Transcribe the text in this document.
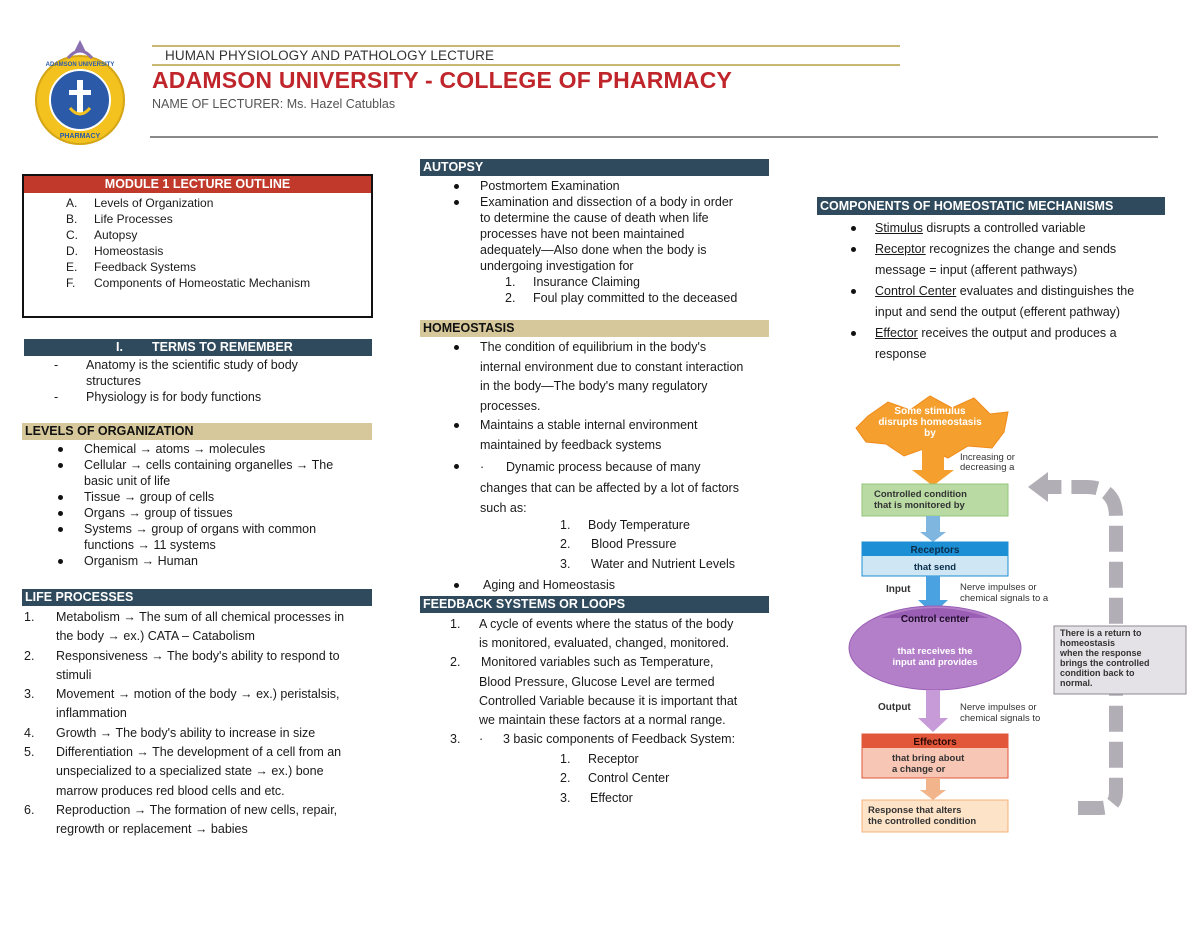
ADAMSON UNIVERSITY
PHARMACY
HUMAN PHYSIOLOGY AND PATHOLOGY LECTURE
ADAMSON UNIVERSITY - COLLEGE OF PHARMACY
NAME OF LECTURER: Ms. Hazel Catublas
MODULE 1 LECTURE OUTLINE
A.	Levels of Organization
B.	Life Processes
C.	Autopsy
D.	Homeostasis
E.	Feedback Systems
F.	Components of Homeostatic Mechanism
I. TERMS TO REMEMBER
-	Anatomy is the scientific study of body
structures
-	Physiology is for body functions
LEVELS OF ORGANIZATION
Chemical → atoms → molecules
Cellular → cells containing organelles → The
basic unit of life
Tissue → group of cells
Organs → group of tissues
Systems → group of organs with common
functions → 11 systems
Organism → Human
LIFE PROCESSES
1.	Metabolism → The sum of all chemical processes in
the body → ex.) CATA – Catabolism
2.	Responsiveness → The body's ability to respond to
stimuli
3.	Movement → motion of the body → ex.) peristalsis,
inflammation
4.	Growth → The body's ability to increase in size
5.	Differentiation → The development of a cell from an
unspecialized to a specialized state → ex.) bone
marrow produces red blood cells and etc.
6.	Reproduction → The formation of new cells, repair,
regrowth or replacement → babies
AUTOPSY
Postmortem Examination
Examination and dissection of a body in order
to determine the cause of death when life
processes have not been maintained
adequately—Also done when the body is
undergoing investigation for
1.	Insurance Claiming
2.	Foul play committed to the deceased
HOMEOSTASIS
The condition of equilibrium in the body's
internal environment due to constant interaction
in the body—The body's many regulatory
processes.
Maintains a stable internal environment
maintained by feedback systems
· Dynamic process because of many
changes that can be affected by a lot of factors
such as:
1.	Body Temperature
2.	Blood Pressure
3.	Water and Nutrient Levels
Aging and Homeostasis
FEEDBACK SYSTEMS OR LOOPS
1.	A cycle of events where the status of the body
is monitored, evaluated, changed, monitored.
2.	Monitored variables such as Temperature,
Blood Pressure, Glucose Level are termed
Controlled Variable because it is important that
we maintain these factors at a normal range.
3.	· 3 basic components of Feedback System:
1.	Receptor
2.	Control Center
3.	Effector
COMPONENTS OF HOMEOSTATIC MECHANISMS
Stimulus disrupts a controlled variable
Receptor recognizes the change and sends
message = input (afferent pathways)
Control Center evaluates and distinguishes the
input and send the output (efferent pathway)
Effector receives the output and produces a
response
Some stimulus
disrupts homeostasis
by
Increasing or
decreasing a
Controlled condition
that is monitored by
Receptors
that send
Input	Nerve impulses or
chemical signals to a
Control center
that receives the
input and provides
Output	Nerve impulses or
chemical signals to
Effectors
that bring about
a change or
Response that alters
the controlled condition
There is a return to
homeostasis
when the response
brings the controlled
condition back to
normal.
